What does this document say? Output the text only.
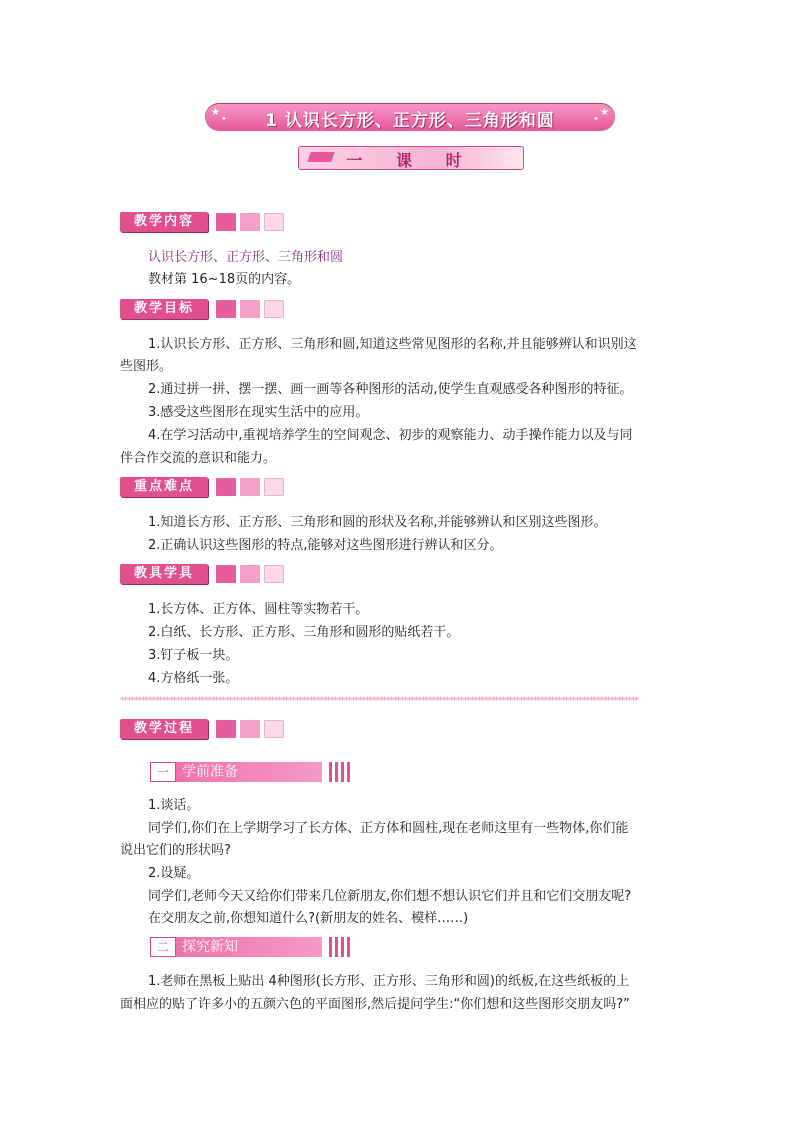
★
✦	1 认识长方形、正方形、三角形和圆	✦
★
一 课 时
教学内容
认识长方形、正方形、三角形和圆
教材第 16~18页的内容。
教学目标
1.认识长方形、正方形、三角形和圆,知道这些常见图形的名称,并且能够辨认和识别这
些图形。
2.通过拼一拼、摆一摆、画一画等各种图形的活动,使学生直观感受各种图形的特征。
3.感受这些图形在现实生活中的应用。
4.在学习活动中,重视培养学生的空间观念、初步的观察能力、动手操作能力以及与同
伴合作交流的意识和能力。
重点难点
1.知道长方形、正方形、三角形和圆的形状及名称,并能够辨认和区别这些图形。
2.正确认识这些图形的特点,能够对这些图形进行辨认和区分。
教具学具
1.长方体、正方体、圆柱等实物若干。
2.白纸、长方形、正方形、三角形和圆形的贴纸若干。
3.钉子板一块。
4.方格纸一张。
****************************************************************************************************************************************************
教学过程
一 学前准备
1.谈话。
同学们,你们在上学期学习了长方体、正方体和圆柱,现在老师这里有一些物体,你们能
说出它们的形状吗?
2.设疑。
同学们,老师今天又给你们带来几位新朋友,你们想不想认识它们并且和它们交朋友呢?
在交朋友之前,你想知道什么?(新朋友的姓名、模样……)
二 探究新知
1.老师在黑板上贴出 4种图形(长方形、正方形、三角形和圆)的纸板,在这些纸板的上
面相应的贴了许多小的五颜六色的平面图形,然后提问学生:“你们想和这些图形交朋友吗?”
